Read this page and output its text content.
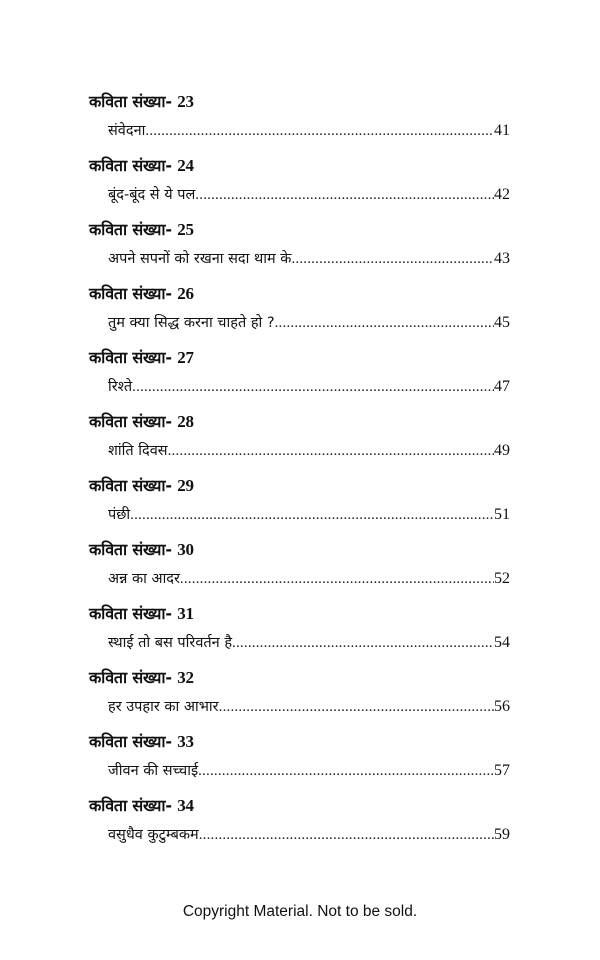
कविता संख्या- 23
संवेदना .....	41
कविता संख्या- 24
बूंद-बूंद से ये पल .....	42
कविता संख्या- 25
अपने सपनों को रखना सदा थाम के .....	43
कविता संख्या- 26
तुम क्या सिद्ध करना चाहते हो ? .....	45
कविता संख्या- 27
रिश्ते .....	47
कविता संख्या- 28
शांति दिवस .....	49
कविता संख्या- 29
पंछी .....	51
कविता संख्या- 30
अन्न का आदर .....	52
कविता संख्या- 31
स्थाई तो बस परिवर्तन है .....	54
कविता संख्या- 32
हर उपहार का आभार .....	56
कविता संख्या- 33
जीवन की सच्चाई .....	57
कविता संख्या- 34
वसुधैव कुटुम्बकम .....	59
Copyright Material. Not to be sold.
